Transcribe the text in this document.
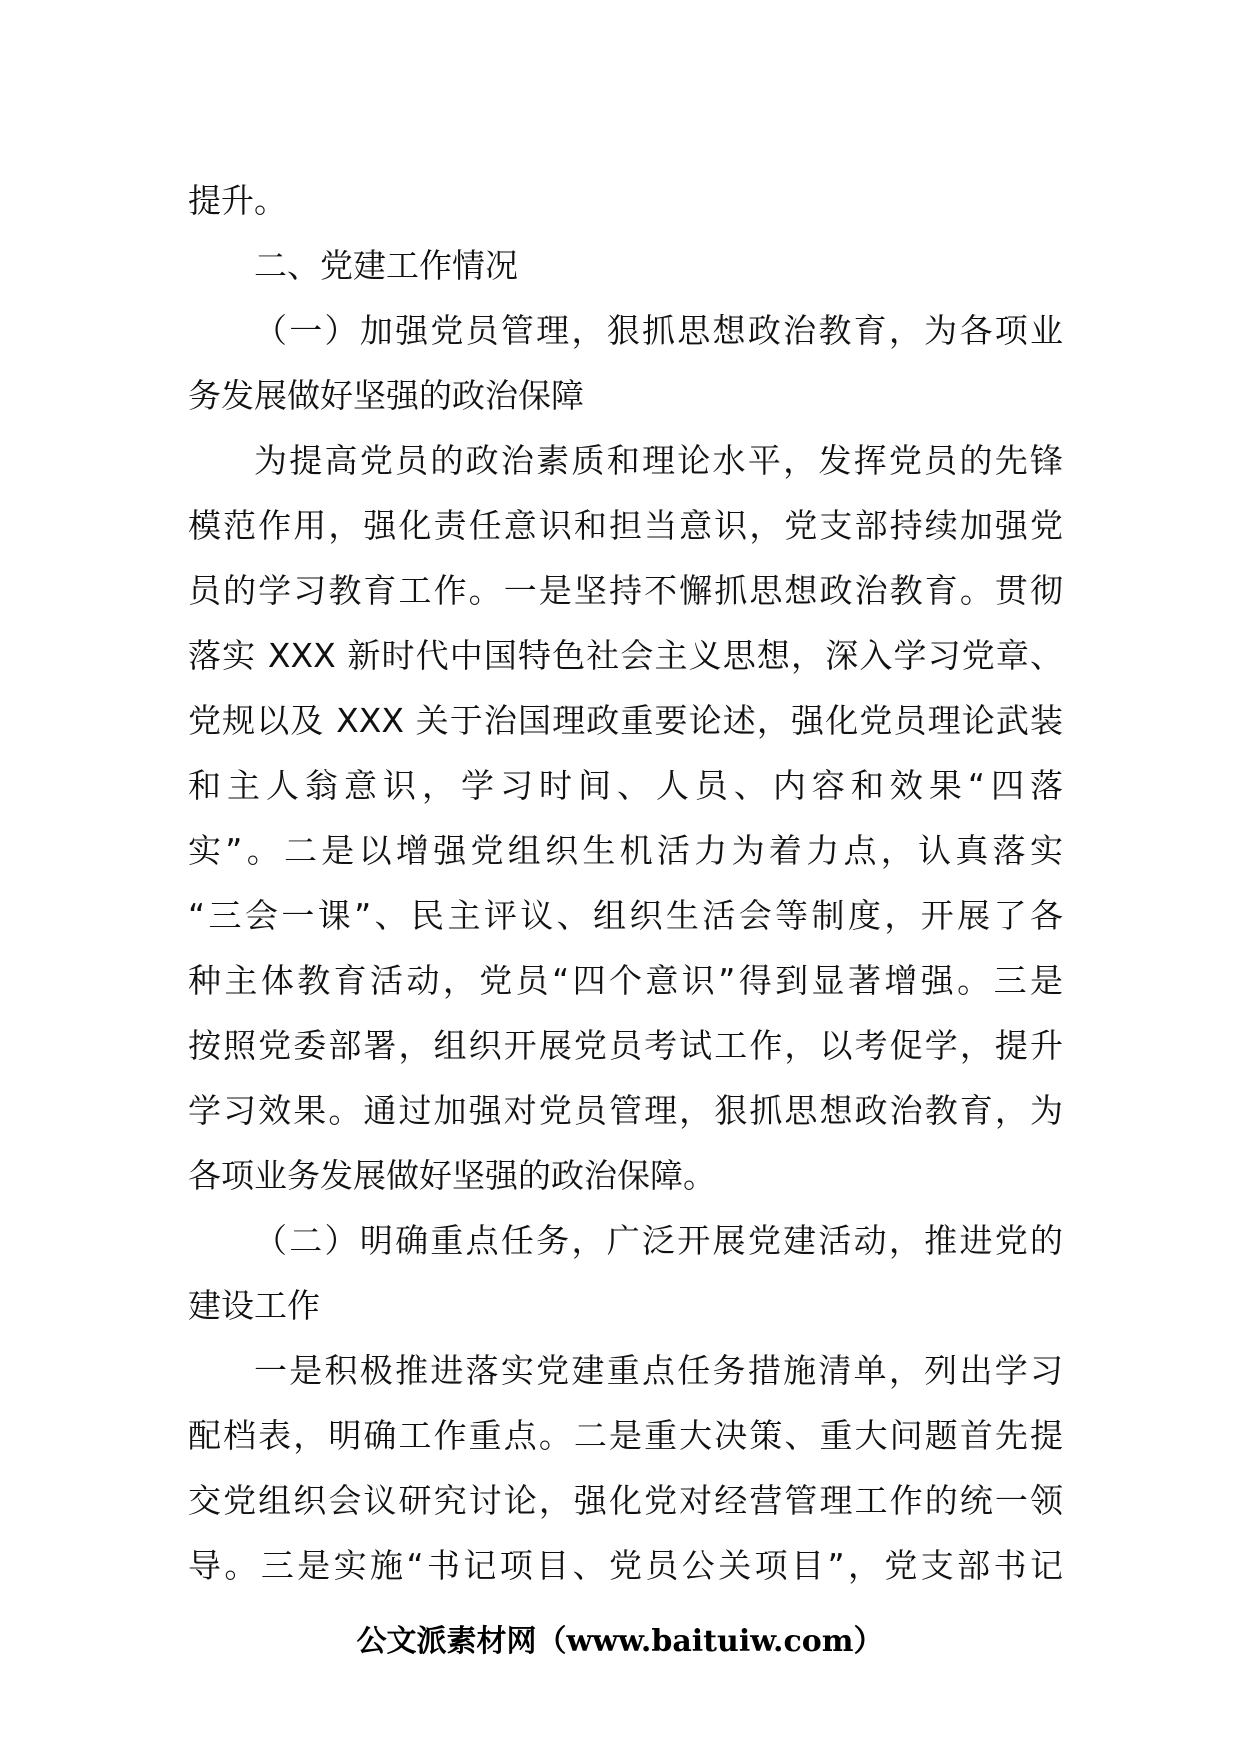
提升。
二、党建工作情况
（一）加强党员管理，狠抓思想政治教育，为各项业
务发展做好坚强的政治保障
为提高党员的政治素质和理论水平，发挥党员的先锋
模范作用，强化责任意识和担当意识，党支部持续加强党
员的学习教育工作。一是坚持不懈抓思想政治教育。贯彻
落实 XXX 新时代中国特色社会主义思想，深入学习党章、
党规以及 XXX 关于治国理政重要论述，强化党员理论武装
和主人翁意识，学习时间、人员、内容和效果“四落
实”。二是以增强党组织生机活力为着力点，认真落实
“三会一课”、民主评议、组织生活会等制度，开展了各
种主体教育活动，党员“四个意识”得到显著增强。三是
按照党委部署，组织开展党员考试工作，以考促学，提升
学习效果。通过加强对党员管理，狠抓思想政治教育，为
各项业务发展做好坚强的政治保障。
（二）明确重点任务，广泛开展党建活动，推进党的
建设工作
一是积极推进落实党建重点任务措施清单，列出学习
配档表，明确工作重点。二是重大决策、重大问题首先提
交党组织会议研究讨论，强化党对经营管理工作的统一领
导。三是实施“书记项目、党员公关项目”，党支部书记
公文派素材网（www.baituiw.com）
